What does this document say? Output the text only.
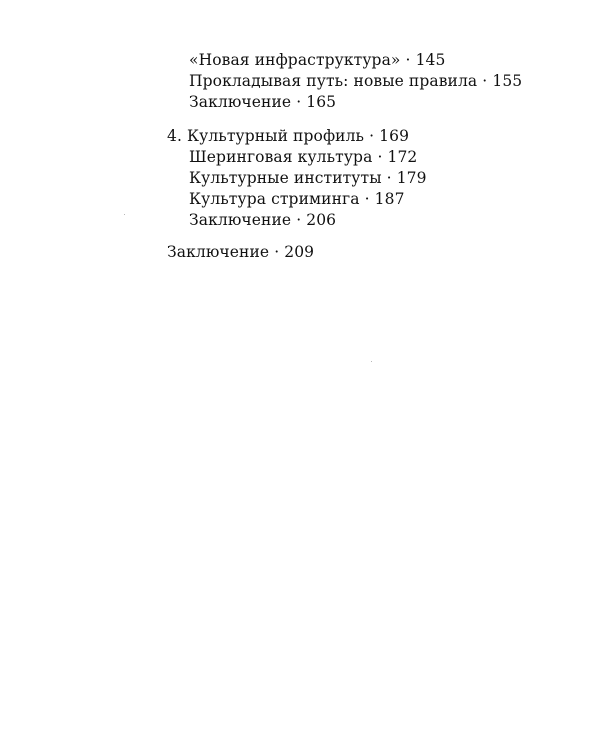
«Новая инфраструктура» · 145
Прокладывая путь: новые правила · 155
Заключение · 165
4. Культурный профиль · 169
Шеринговая культура · 172
Культурные институты · 179
Культура стриминга · 187
Заключение · 206
Заключение · 209
